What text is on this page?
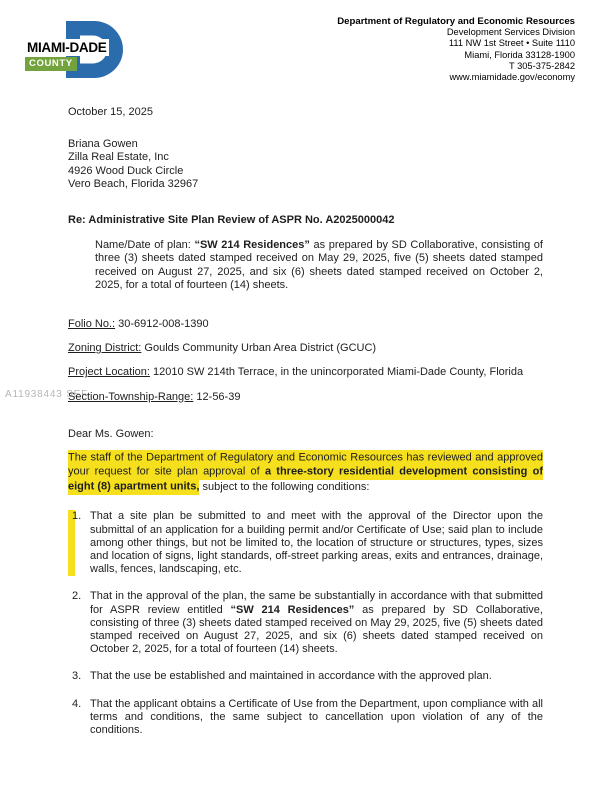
MIAMI-DADE
COUNTY
Department of Regulatory and Economic Resources
Development Services Division
111 NW 1st Street • Suite 1110
Miami, Florida 33128-1900
T 305-375-2842
www.miamidade.gov/economy
A11938443 SEF
October 15, 2025
Briana Gowen
Zilla Real Estate, Inc
4926 Wood Duck Circle
Vero Beach, Florida 32967
Re: Administrative Site Plan Review of ASPR No. A2025000042
Name/Date of plan: “SW 214 Residences” as prepared by SD Collaborative, consisting of three (3) sheets dated stamped received on May 29, 2025, five (5) sheets dated stamped received on August 27, 2025, and six (6) sheets dated stamped received on October 2, 2025, for a total of fourteen (14) sheets.
Folio No.: 30-6912-008-1390
Zoning District: Goulds Community Urban Area District (GCUC)
Project Location: 12010 SW 214th Terrace, in the unincorporated Miami-Dade County, Florida
Section-Township-Range: 12-56-39
Dear Ms. Gowen:
The staff of the Department of Regulatory and Economic Resources has reviewed and approved your request for site plan approval of a three-story residential development consisting of eight (8) apartment units, subject to the following conditions:
1. That a site plan be submitted to and meet with the approval of the Director upon the submittal of an application for a building permit and/or Certificate of Use; said plan to include among other things, but not be limited to, the location of structure or structures, types, sizes and location of signs, light standards, off-street parking areas, exits and entrances, drainage, walls, fences, landscaping, etc.
2. That in the approval of the plan, the same be substantially in accordance with that submitted for ASPR review entitled “SW 214 Residences” as prepared by SD Collaborative, consisting of three (3) sheets dated stamped received on May 29, 2025, five (5) sheets dated stamped received on August 27, 2025, and six (6) sheets dated stamped received on October 2, 2025, for a total of fourteen (14) sheets.
3. That the use be established and maintained in accordance with the approved plan.
4. That the applicant obtains a Certificate of Use from the Department, upon compliance with all terms and conditions, the same subject to cancellation upon violation of any of the conditions.
